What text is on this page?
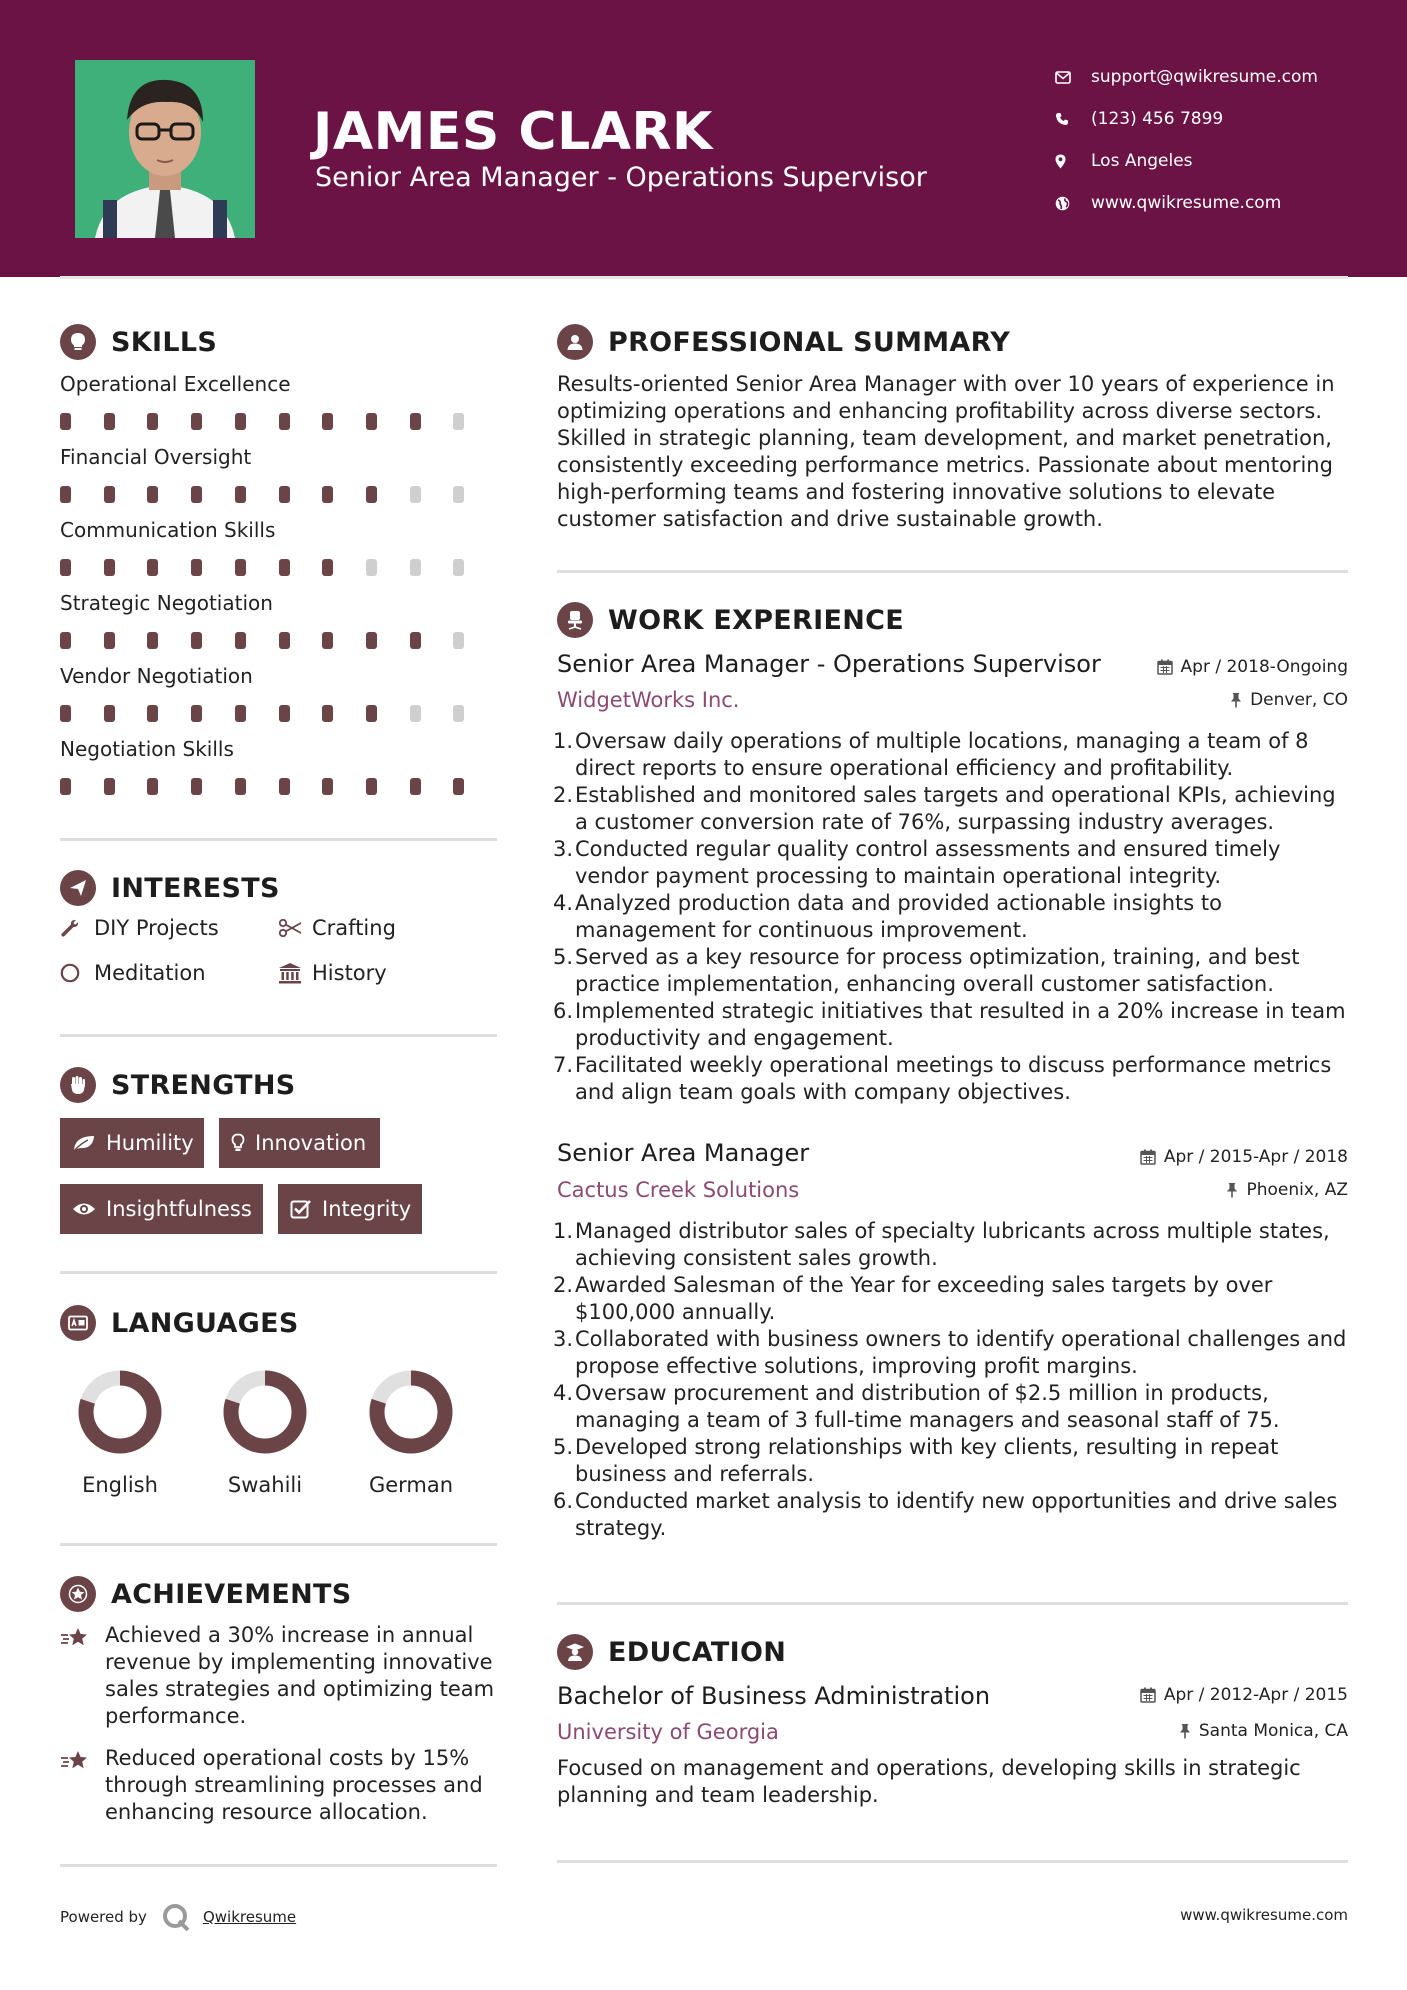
JAMES CLARK
Senior Area Manager - Operations Supervisor
support@qwikresume.com
(123) 456 7899
Los Angeles
www.qwikresume.com
SKILLS
Operational Excellence
Financial Oversight
Communication Skills
Strategic Negotiation
Vendor Negotiation
Negotiation Skills
INTERESTS
DIY Projects	Crafting
Meditation	History
STRENGTHS
Humility	Innovation
Insightfulness	Integrity
LANGUAGES
English	Swahili	German
ACHIEVEMENTS
Achieved a 30% increase in annual revenue by implementing innovative sales strategies and optimizing team performance.
Reduced operational costs by 15% through streamlining processes and enhancing resource allocation.
PROFESSIONAL SUMMARY
Results-oriented Senior Area Manager with over 10 years of experience in optimizing operations and enhancing profitability across diverse sectors. Skilled in strategic planning, team development, and market penetration, consistently exceeding performance metrics. Passionate about mentoring high-performing teams and fostering innovative solutions to elevate customer satisfaction and drive sustainable growth.
WORK EXPERIENCE
Senior Area Manager - Operations Supervisor	Apr / 2018-Ongoing
WidgetWorks Inc.	Denver, CO
Oversaw daily operations of multiple locations, managing a team of 8 direct reports to ensure operational efficiency and profitability.
Established and monitored sales targets and operational KPIs, achieving a customer conversion rate of 76%, surpassing industry averages.
Conducted regular quality control assessments and ensured timely vendor payment processing to maintain operational integrity.
Analyzed production data and provided actionable insights to management for continuous improvement.
Served as a key resource for process optimization, training, and best practice implementation, enhancing overall customer satisfaction.
Implemented strategic initiatives that resulted in a 20% increase in team productivity and engagement.
Facilitated weekly operational meetings to discuss performance metrics and align team goals with company objectives.
Senior Area Manager	Apr / 2015-Apr / 2018
Cactus Creek Solutions	Phoenix, AZ
Managed distributor sales of specialty lubricants across multiple states, achieving consistent sales growth.
Awarded Salesman of the Year for exceeding sales targets by over $100,000 annually.
Collaborated with business owners to identify operational challenges and propose effective solutions, improving profit margins.
Oversaw procurement and distribution of $2.5 million in products, managing a team of 3 full-time managers and seasonal staff of 75.
Developed strong relationships with key clients, resulting in repeat business and referrals.
Conducted market analysis to identify new opportunities and drive sales strategy.
EDUCATION
Bachelor of Business Administration	Apr / 2012-Apr / 2015
University of Georgia	Santa Monica, CA
Focused on management and operations, developing skills in strategic planning and team leadership.
Powered by	Qwikresume	www.qwikresume.com
